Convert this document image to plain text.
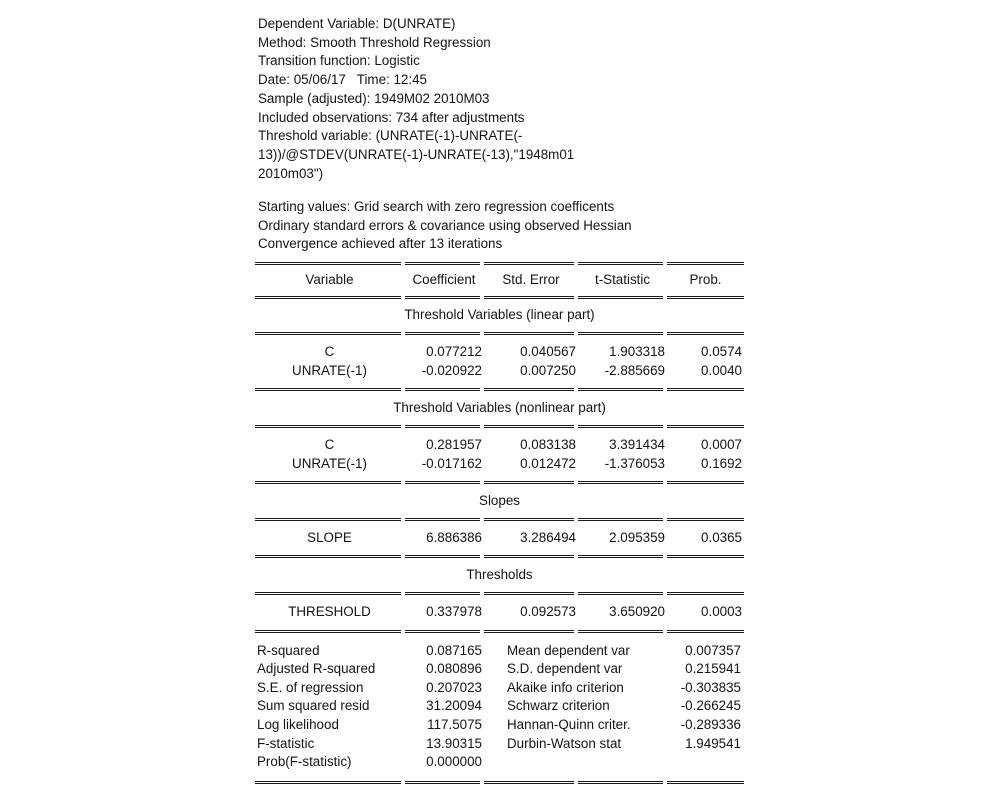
Dependent Variable: D(UNRATE)
Method: Smooth Threshold Regression
Transition function: Logistic
Date: 05/06/17   Time: 12:45
Sample (adjusted): 1949M02 2010M03
Included observations: 734 after adjustments
Threshold variable: (UNRATE(-1)-UNRATE(-
13))/@STDEV(UNRATE(-1)-UNRATE(-13),"1948m01
2010m03")
Starting values: Grid search with zero regression coefficents
Ordinary standard errors & covariance using observed Hessian
Convergence achieved after 13 iterations
Variable	Coefficient	Std. Error	t-Statistic	Prob.
Threshold Variables (linear part)
C	0.077212	0.040567	1.903318	0.0574
UNRATE(-1)	-0.020922	0.007250	-2.885669	0.0040
Threshold Variables (nonlinear part)
C	0.281957	0.083138	3.391434	0.0007
UNRATE(-1)	-0.017162	0.012472	-1.376053	0.1692
Slopes
SLOPE	6.886386	3.286494	2.095359	0.0365
Thresholds
THRESHOLD	0.337978	0.092573	3.650920	0.0003
R-squared	0.087165 Mean dependent var	0.007357
Adjusted R-squared	0.080896 S.D. dependent var	0.215941
S.E. of regression	0.207023 Akaike info criterion	-0.303835
Sum squared resid	31.20094 Schwarz criterion	-0.266245
Log likelihood	117.5075 Hannan-Quinn criter.	-0.289336
F-statistic	13.90315 Durbin-Watson stat	1.949541
Prob(F-statistic)	0.000000
